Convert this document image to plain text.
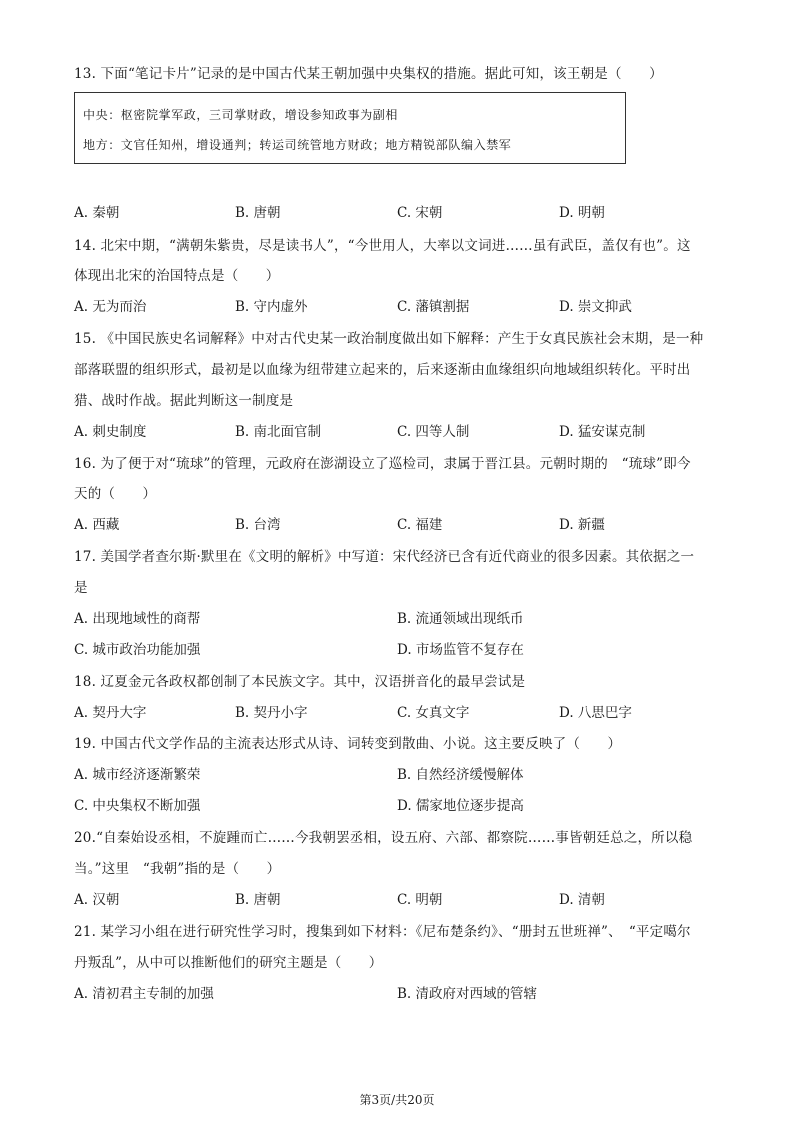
13. 下面“笔记卡片”记录的是中国古代某王朝加强中央集权的措施。据此可知，该王朝是（　　）
中央：枢密院掌军政，三司掌财政，增设参知政事为副相
地方：文官任知州，增设通判；转运司统管地方财政；地方精锐部队编入禁军
A. 秦朝	B. 唐朝	C. 宋朝	D. 明朝
14. 北宋中期，“满朝朱紫贵，尽是读书人”，“今世用人，大率以文词进……虽有武臣，盖仅有也”。这
体现出北宋的治国特点是（　　）
A. 无为而治	B. 守内虚外	C. 藩镇割据	D. 崇文抑武
15. 《中国民族史名词解释》中对古代史某一政治制度做出如下解释：产生于女真民族社会末期，是一种
部落联盟的组织形式，最初是以血缘为纽带建立起来的，后来逐渐由血缘组织向地域组织转化。平时出
猎、战时作战。据此判断这一制度是
A. 刺史制度	B. 南北面官制	C. 四等人制	D. 猛安谋克制
16. 为了便于对“琉球”的管理，元政府在澎湖设立了巡检司，隶属于晋江县。元朝时期的　“琉球”即今
天的（　　）
A. 西藏	B. 台湾	C. 福建	D. 新疆
17. 美国学者查尔斯·默里在《文明的解析》中写道：宋代经济已含有近代商业的很多因素。其依据之一
是
A. 出现地域性的商帮	B. 流通领域出现纸币
C. 城市政治功能加强	D. 市场监管不复存在
18. 辽夏金元各政权都创制了本民族文字。其中，汉语拼音化的最早尝试是
A. 契丹大字	B. 契丹小字	C. 女真文字	D. 八思巴字
19. 中国古代文学作品的主流表达形式从诗、词转变到散曲、小说。这主要反映了（　　）
A. 城市经济逐渐繁荣	B. 自然经济缓慢解体
C. 中央集权不断加强	D. 儒家地位逐步提高
20.“自秦始设丞相，不旋踵而亡……今我朝罢丞相，设五府、六部、都察院……事皆朝廷总之，所以稳
当。”这里　“我朝”指的是（　　）
A. 汉朝	B. 唐朝	C. 明朝	D. 清朝
21. 某学习小组在进行研究性学习时，搜集到如下材料：《尼布楚条约》、“册封五世班禅”、　“平定噶尔
丹叛乱”，从中可以推断他们的研究主题是（　　）
A. 清初君主专制的加强	B. 清政府对西域的管辖
第3页/共20页
